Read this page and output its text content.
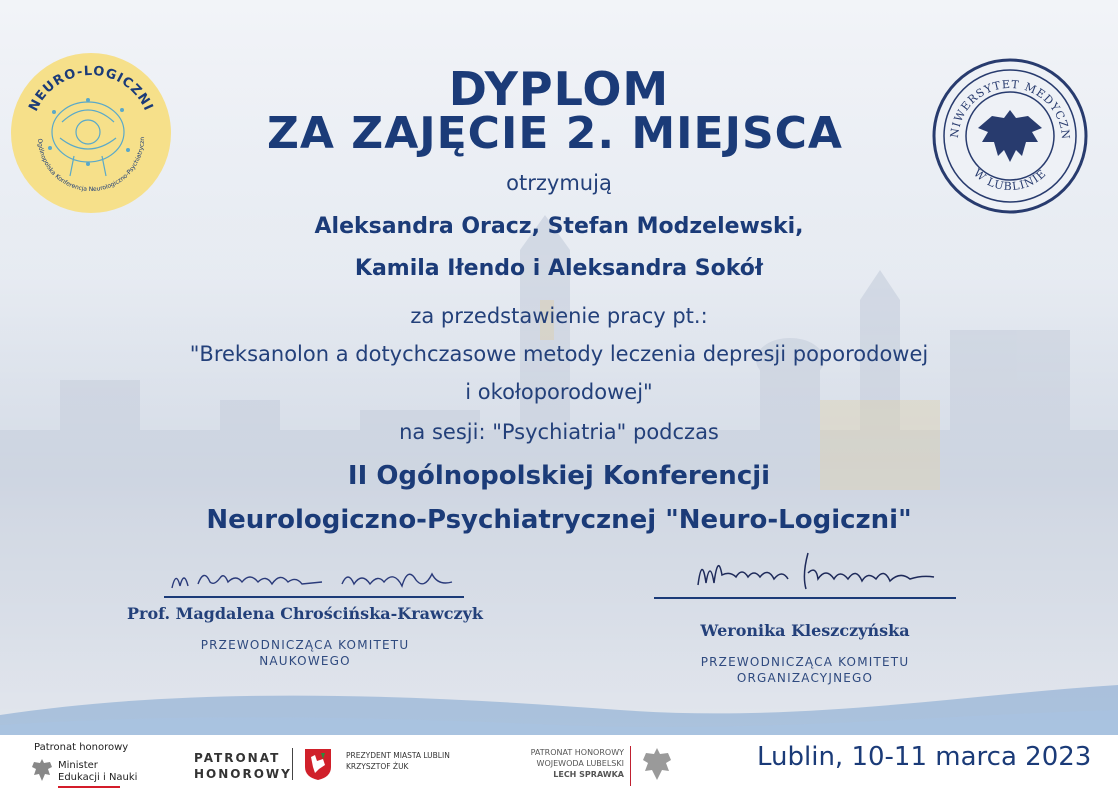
NEURO-LOGICZNI
Ogólnopolska Konferencja Neurologiczno-Psychiatryczn
NIWERSYTET MEDYCZN
W LUBLINIE
DYPLOM
ZA ZAJĘCIE 2. MIEJSCA
otrzymują
Aleksandra Oracz, Stefan Modzelewski,
Kamila Iłendo i Aleksandra Sokół
za przedstawienie pracy pt.:
"Breksanolon a dotychczasowe metody leczenia depresji poporodowej
i okołoporodowej"
na sesji: "Psychiatria" podczas
II Ogólnopolskiej Konferencji
Neurologiczno-Psychiatrycznej "Neuro-Logiczni"
Prof. Magdalena Chrościńska-Krawczyk
PRZEWODNICZĄCA KOMITETU
NAUKOWEGO
Weronika Kleszczyńska
PRZEWODNICZĄCA KOMITETU
ORGANIZACYJNEGO
Patronat honorowy
Minister
Edukacji i Nauki
PATRONAT
HONOROWY
PREZYDENT MIASTA LUBLIN
KRZYSZTOF ŻUK
PATRONAT HONOROWY
WOJEWODA LUBELSKI
LECH SPRAWKA
Lublin, 10-11 marca 2023
